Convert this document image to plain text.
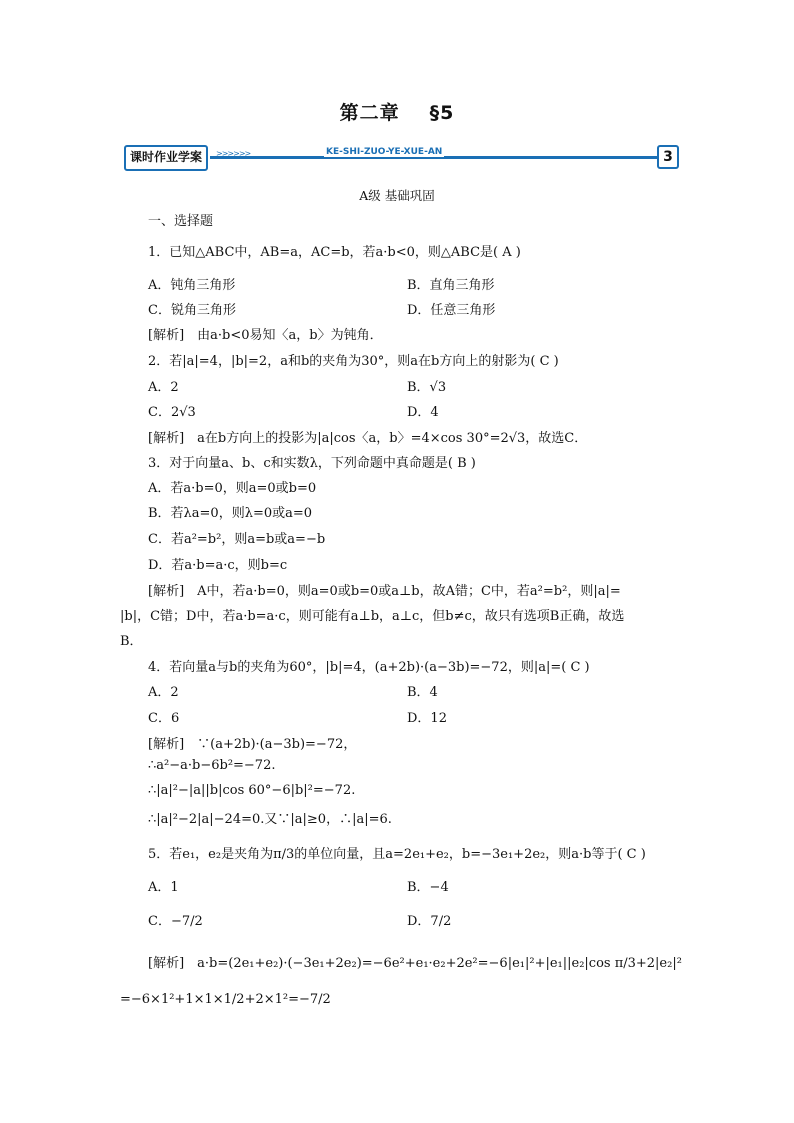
第二章 §5
课时作业学案	>>>>>>	KE-SHI-ZUO-YE-XUE-AN	3
A级 基础巩固
一、选择题
1．已知△ABC中，AB=a，AC=b，若a·b<0，则△ABC是( A )
A．钝角三角形	B．直角三角形
C．锐角三角形	D．任意三角形
[解析]　由a·b<0易知〈a，b〉为钝角．
2．若|a|=4，|b|=2，a和b的夹角为30°，则a在b方向上的射影为( C )
A．2	B．√3
C．2√3	D．4
[解析]　a在b方向上的投影为|a|cos〈a，b〉=4×cos 30°=2√3，故选C．
3．对于向量a、b、c和实数λ，下列命题中真命题是( B )
A．若a·b=0，则a=0或b=0
B．若λa=0，则λ=0或a=0
C．若a²=b²，则a=b或a=−b
D．若a·b=a·c，则b=c
[解析]　A中，若a·b=0，则a=0或b=0或a⊥b，故A错；C中，若a²=b²，则|a|=
|b|，C错；D中，若a·b=a·c，则可能有a⊥b，a⊥c，但b≠c，故只有选项B正确，故选
B．
4．若向量a与b的夹角为60°，|b|=4，(a+2b)·(a−3b)=−72，则|a|=( C )
A．2	B．4
C．6	D．12
[解析]　∵(a+2b)·(a−3b)=−72，
∴a²−a·b−6b²=−72.
∴|a|²−|a||b|cos 60°−6|b|²=−72.
∴|a|²−2|a|−24=0.又∵|a|≥0，∴|a|=6.
5．若e₁，e₂是夹角为π/3的单位向量，且a=2e₁+e₂，b=−3e₁+2e₂，则a·b等于( C )
A．1	B．−4
C．−7/2	D．7/2
[解析]　a·b=(2e₁+e₂)·(−3e₁+2e₂)=−6e²+e₁·e₂+2e²=−6|e₁|²+|e₁||e₂|cos π/3+2|e₂|²
=−6×1²+1×1×1/2+2×1²=−7/2
